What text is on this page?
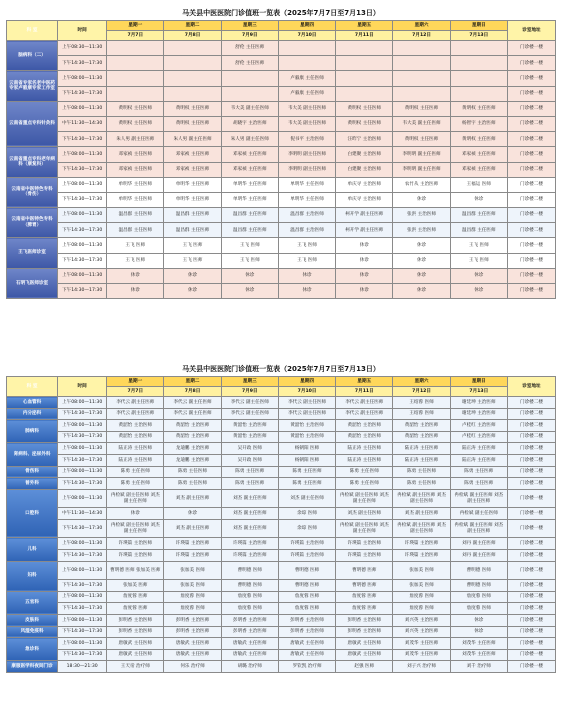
马关县中医医院门诊值班一览表（2025年7月7日至7月13日）
科 室	时间	星期一	星期二	星期三	星期四	星期五	星期六	星期日	诊室地址
		7月7日	7月8日	7月9日	7月10日	7月11日	7月12日	7月13日	
脑病科（二）	上午08:30—11:30			舒伦 主任医师					门诊楼一楼
	下午14:30—17:30			舒伦 主任医师					门诊楼一楼
云南省专家名老中医药专家卢毅康专家工作室	上午08:00—11:30				卢毅康 主任医师				门诊楼一楼
	下午14:30—17:30				卢毅康 主任医师				门诊楼一楼
云南省重点专科针灸科	上午08:00—11:30	黄明权 主任医师	黄明权 主任医师	韦大美 副主任医师	韦大美 副主任医师	黄明权 主任医师	黄明权 主任医师	黄明权 主任医师	门诊楼二楼
	中午11:30—14:30	黄明权 主任医师	黄明权 主任医师	胡晓宇 主治医师	韦大美 副主任医师	黄明权 主任医师	韦大美 副主任医师	杨智宇 主治医师	门诊楼二楼
	下午14:30—17:30	朱人男 副主任医师	朱人男 副主任医师	朱人男 副主任医师	倪书平 主治医师	汪昨宁 主治医师	黄明权 主任医师	黄明权 主任医师	门诊楼二楼
云南省重点专科老年病科（康复科）	上午08:00—11:30	邓家祯 主任医师	邓家祯 主任医师	邓家祯 主任医师	李明明 副主任医师	白建聚 主治医师	李明明 副主任医师	邓家祯 主任医师	门诊楼二楼
	下午14:30—17:30	邓家祯 主任医师	邓家祯 主任医师	邓家祯 主任医师	李明明 副主任医师	白建聚 主治医师	李明明 副主任医师	邓家祯 主任医师	门诊楼二楼
云南省中医特色专科（骨伤）	上午08:00—11:30	单明华 主任医师	单明华 主任医师	单明华 主任医师	单明华 主任医师	单庆寻 主治医师	农竹从 主治医师	王福运 医师	门诊楼二楼
	下午14:30—17:30	单明华 主任医师	单明华 主任医师	单明华 主任医师	单明华 主任医师	单庆寻 主治医师	休诊	休诊	门诊楼二楼
云南省中医特色专科（脾胃）	上午08:00—11:30	温昌群 主任医师	温昌群 主任医师	温昌群 主任医师	温昌群 主治医师	柯开学 副主任医师	张洪 主治医师	温昌群 主任医师	门诊楼一楼
	下午14:30—17:30	温昌群 主任医师	温昌群 主任医师	温昌群 主任医师	温昌群 主治医师	柯开学 副主任医师	张洪 主治医师	温昌群 主任医师	门诊楼二楼
王飞医师诊室	上午08:00—11:30	王飞 医师	王飞 医师	王飞 医师	王飞 医师	休诊	休诊	王飞 医师	门诊楼一楼
	下午14:30—17:30	王飞 医师	王飞 医师	王飞 医师	王飞 医师	休诊	休诊	王飞 医师	门诊楼一楼
石明飞医师诊室	上午08:00—11:30	休诊	休诊	休诊	休诊	休诊	休诊	休诊	门诊楼一楼
	下午14:30—17:30	休诊	休诊	休诊	休诊	休诊	休诊	休诊	门诊楼一楼
马关县中医医院门诊值班一览表（2025年7月7日至7月13日）
科 室	时间	星期一	星期二	星期三	星期四	星期五	星期六	星期日	诊室地址
		7月7日	7月8日	7月9日	7月10日	7月11日	7月12日	7月13日	
心血管科	上午08:00—11:30	李代云 副主任医师	李代云 副主任医师	李代云 副主任医师	李代云 副主任医师	李代云 副主任医师	王绍蓉 医师	谢廷坤 主治医师	门诊楼二楼
内分泌科	下午14:30—17:30	李代云 副主任医师	李代云 副主任医师	李代云 副主任医师	李代云 副主任医师	李代云 副主任医师	王绍蓉 医师	谢廷坤 主治医师	门诊楼二楼
肺病科	上午08:00—11:30	黄韶怡 主治医师	黄韶怡 主治医师	黄韶怡 主治医师	黄韶怡 主治医师	黄韶怡 主治医师	黄韶怡 主治医师	卢桂红 主治医师	门诊楼二楼
	下午14:30—17:30	黄韶怡 主治医师	黄韶怡 主治医师	黄韶怡 主治医师	黄韶怡 主治医师	黄韶怡 主治医师	黄韶怡 主治医师	卢桂红 主治医师	门诊楼二楼
肾病科、泌尿外科	上午08:00—11:30	陆正涛 主任医师	龙迪鹏 主治医师	吴开政 医师	杨朝阳 医师	陆正涛 主任医师	陆正涛 主任医师	陆正涛 主任医师	门诊楼二楼
	下午14:30—17:30	陆正涛 主任医师	龙迪鹏 主治医师	吴开政 医师	杨朝阳 医师	陆正涛 主任医师	陆正涛 主任医师	陆正涛 主任医师	门诊楼二楼
骨伤科	上午08:00—11:30	陈勇 主任医师	陈勇 主任医师	陈勇 主任医师	陈勇 主任医师	陈勇 主任医师	陈勇 主任医师	陈勇 主任医师	门诊楼二楼
普外科	下午14:30—17:30	陈勇 主任医师	陈勇 主任医师	陈勇 主任医师	陈勇 主任医师	陈勇 主任医师	陈勇 主任医师	陈勇 主任医师	门诊楼二楼
口腔科	上午08:00—11:30	冉检斌 副主任医师 刘杰 副主任医师	刘杰 副主任医师	刘杰 副主任医师	刘杰 副主任医师	冉检斌 副主任医师 刘杰 副主任医师	冉检斌 副主任医师 刘杰 副主任医师	冉检斌 副主任医师 刘杰 副主任医师	门诊楼一楼
	中午11:30—14:30	休诊	休诊	刘杰 副主任医师	余琼 医师	刘杰 副主任医师	刘杰 副主任医师	冉检斌 副主任医师	门诊楼一楼
	下午14:30—17:30	冉检斌 副主任医师 刘杰 副主任医师	刘杰 副主任医师	刘杰 副主任医师	余琼 医师	冉检斌 副主任医师 刘杰 副主任医师	冉检斌 副主任医师 刘杰 副主任医师	冉检斌 副主任医师 刘杰 副主任医师	门诊楼一楼
儿科	上午08:00—11:30	许瑛篇 主治医师	许瑛篇 主治医师	许瑛篇 主治医师	许瑛篇 主治医师	许瑛篇 主治医师	许瑛篇 主治医师	刘丹 副主任医师	门诊楼二楼
	下午14:30—17:30	许瑛篇 主治医师	许瑛篇 主治医师	许瑛篇 主治医师	许瑛篇 主治医师	许瑛篇 主治医师	许瑛篇 主治医师	刘丹 副主任医师	门诊楼二楼
妇科	上午08:00—11:30	曹明德 医师 张加美 医师	张加美 医师	曹明德 医师	曹明德 医师	曹明德 医师	张加美 医师	曹明德 医师	门诊楼二楼
	下午14:30—17:30	张加美 医师	张加美 医师	曹明德 医师	曹明德 医师	曹明德 医师	张加美 医师	曹明德 医师	门诊楼二楼
五官科	上午08:00—11:30	詹度蓉 医师	詹度蓉 医师	詹度蓉 医师	詹度蓉 医师	詹度蓉 医师	詹度蓉 医师	詹度蓉 医师	门诊楼二楼
	下午14:30—17:30	詹度蓉 医师	詹度蓉 医师	詹度蓉 医师	詹度蓉 医师	詹度蓉 医师	詹度蓉 医师	詹度蓉 医师	门诊楼二楼
皮肤科	上午08:00—11:30	彭明香 主治医师	彭明香 主治医师	彭明香 主治医师	彭明香 主治医师	彭明香 主治医师	刘兴英 主治医师	休诊	门诊楼二楼
风湿免疫科	下午14:30—17:30	彭明香 主治医师	彭明香 主治医师	彭明香 主治医师	彭明香 主治医师	彭明香 主治医师	刘兴英 主治医师	休诊	门诊楼二楼
急诊科	上午08:00—11:30	唐敏武 主任医师	唐敏武 主任医师	唐敏武 主任医师	唐敏武 主任医师	唐敏武 主任医师	刘茂华 主任医师	刘茂华 主任医师	门诊楼一楼
	下午14:30—17:30	唐敏武 主任医师	唐敏武 主任医师	唐敏武 主任医师	唐敏武 主任医师	唐敏武 主任医师	刘茂华 主任医师	刘茂华 主任医师	门诊楼一楼
康服医学科夜间门诊	18:30—21:30	王天帝 治疗师	何乐 治疗师	胡璐 治疗师	罗钦凯 治疗师	赵强 医师	刘子兴 治疗师	刘千 治疗师	门诊楼一楼
